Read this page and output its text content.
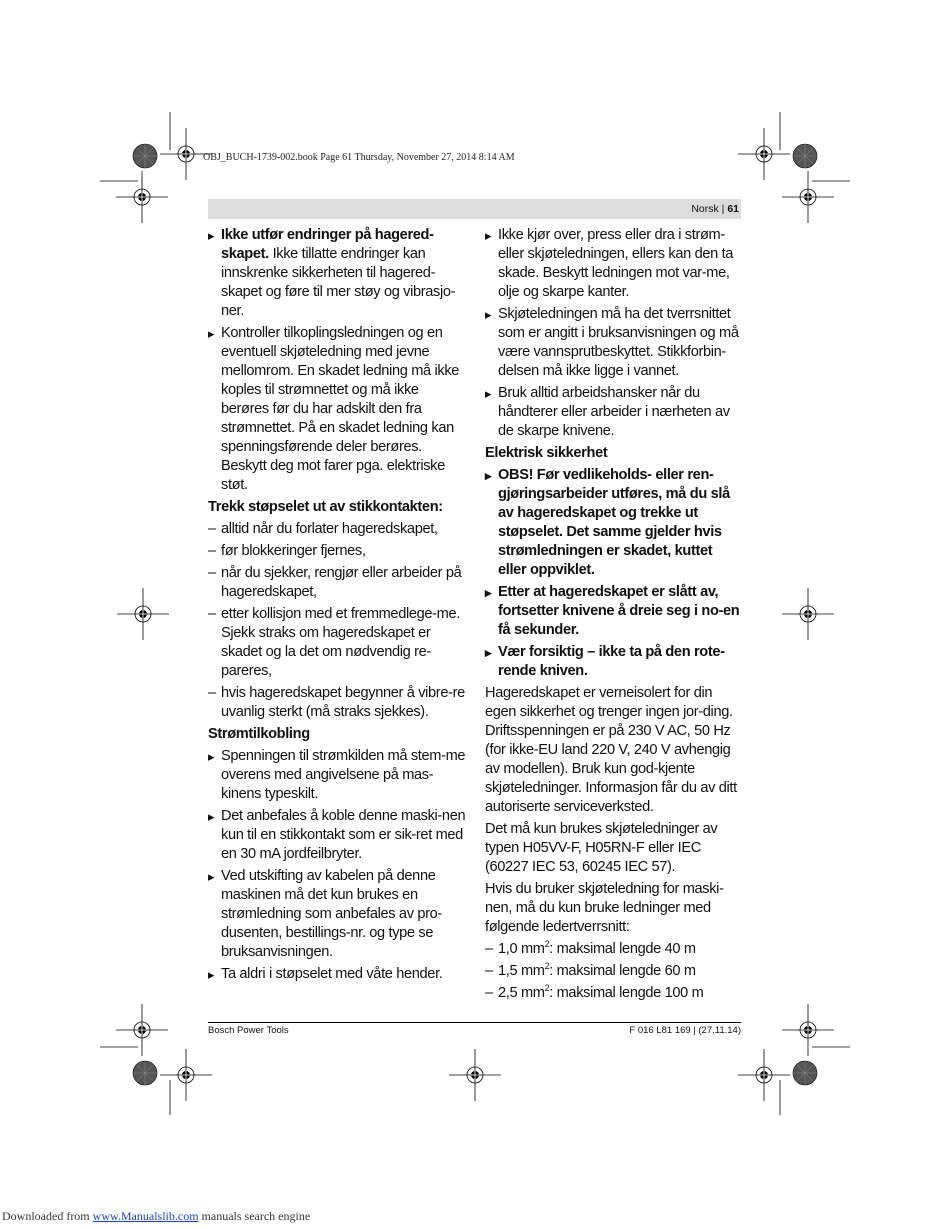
OBJ_BUCH-1739-002.book Page 61 Thursday, November 27, 2014 8:14 AM
Norsk | 61
▸ Ikke utfør endringer på hagered-skapet. Ikke tillatte endringer kan innskrenke sikkerheten til hagered-skapet og føre til mer støy og vibrasjo-ner.
▸ Kontroller tilkoplingsledningen og en eventuell skjøteledning med jevne mellomrom. En skadet ledning må ikke koples til strømnettet og må ikke berøres før du har adskilt den fra strømnettet. På en skadet ledning kan spenningsførende deler berøres. Beskytt deg mot farer pga. elektriske støt.
Trekk støpselet ut av stikkontakten:
– alltid når du forlater hageredskapet,
– før blokkeringer fjernes,
– når du sjekker, rengjør eller arbeider på hageredskapet,
– etter kollisjon med et fremmedlege-me. Sjekk straks om hageredskapet er skadet og la det om nødvendig re-pareres,
– hvis hageredskapet begynner å vibre-re uvanlig sterkt (må straks sjekkes).
Strømtilkobling
▸ Spenningen til strømkilden må stem-me overens med angivelsene på mas-kinens typeskilt.
▸ Det anbefales å koble denne maski-nen kun til en stikkontakt som er sik-ret med en 30 mA jordfeilbryter.
▸ Ved utskifting av kabelen på denne maskinen må det kun brukes en strømledning som anbefales av pro-dusenten, bestillings-nr. og type se bruksanvisningen.
▸ Ta aldri i støpselet med våte hender.
▸ Ikke kjør over, press eller dra i strøm-eller skjøteledningen, ellers kan den ta skade. Beskytt ledningen mot var-me, olje og skarpe kanter.
▸ Skjøteledningen må ha det tverrsnittet som er angitt i bruksanvisningen og må være vannsprutbeskyttet. Stikkforbin-delsen må ikke ligge i vannet.
▸ Bruk alltid arbeidshansker når du håndterer eller arbeider i nærheten av de skarpe knivene.
Elektrisk sikkerhet
▸ OBS! Før vedlikeholds- eller ren-gjøringsarbeider utføres, må du slå av hageredskapet og trekke ut støpselet. Det samme gjelder hvis strømledningen er skadet, kuttet eller oppviklet.
▸ Etter at hageredskapet er slått av, fortsetter knivene å dreie seg i no-en få sekunder.
▸ Vær forsiktig – ikke ta på den rote-rende kniven.
Hageredskapet er verneisolert for din egen sikkerhet og trenger ingen jor-ding. Driftsspenningen er på 230 V AC, 50 Hz (for ikke-EU land 220 V, 240 V avhengig av modellen). Bruk kun god-kjente skjøteledninger. Informasjon får du av ditt autoriserte serviceverksted.
Det må kun brukes skjøteledninger av typen H05VV-F, H05RN-F eller IEC (60227 IEC 53, 60245 IEC 57).
Hvis du bruker skjøteledning for maski-nen, må du kun bruke ledninger med følgende ledertverrsnitt:
– 1,0 $mm^2$: maksimal lengde 40 m
– 1,5 $mm^2$: maksimal lengde 60 m
– 2,5 $mm^2$: maksimal lengde 100 m
Bosch Power Tools	F 016 L81 169 | (27.11.14)
Downloaded from www.Manualslib.com manuals search engine
